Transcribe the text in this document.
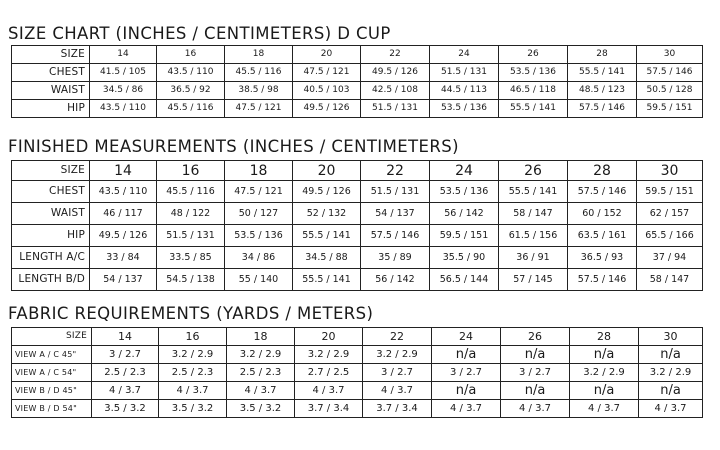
SIZE CHART (INCHES / CENTIMETERS) D CUP
SIZE	14	16	18	20	22	24	26	28	30
CHEST	41.5 / 105	43.5 / 110	45.5 / 116	47.5 / 121	49.5 / 126	51.5 / 131	53.5 / 136	55.5 / 141	57.5 / 146
WAIST	34.5 / 86	36.5 / 92	38.5 / 98	40.5 / 103	42.5 / 108	44.5 / 113	46.5 / 118	48.5 / 123	50.5 / 128
HIP	43.5 / 110	45.5 / 116	47.5 / 121	49.5 / 126	51.5 / 131	53.5 / 136	55.5 / 141	57.5 / 146	59.5 / 151
FINISHED MEASUREMENTS (INCHES / CENTIMETERS)
SIZE	14	16	18	20	22	24	26	28	30
CHEST	43.5 / 110	45.5 / 116	47.5 / 121	49.5 / 126	51.5 / 131	53.5 / 136	55.5 / 141	57.5 / 146	59.5 / 151
WAIST	46 / 117	48 / 122	50 / 127	52 / 132	54 / 137	56 / 142	58 / 147	60 / 152	62 / 157
HIP	49.5 / 126	51.5 / 131	53.5 / 136	55.5 / 141	57.5 / 146	59.5 / 151	61.5 / 156	63.5 / 161	65.5 / 166
LENGTH A/C	33 / 84	33.5 / 85	34 / 86	34.5 / 88	35 / 89	35.5 / 90	36 / 91	36.5 / 93	37 / 94
LENGTH B/D	54 / 137	54.5 / 138	55 / 140	55.5 / 141	56 / 142	56.5 / 144	57 / 145	57.5 / 146	58 / 147
FABRIC REQUIREMENTS (YARDS / METERS)
SIZE	14	16	18	20	22	24	26	28	30
VIEW A / C 45"	3 / 2.7	3.2 / 2.9	3.2 / 2.9	3.2 / 2.9	3.2 / 2.9	n/a	n/a	n/a	n/a
VIEW A / C 54"	2.5 / 2.3	2.5 / 2.3	2.5 / 2.3	2.7 / 2.5	3 / 2.7	3 / 2.7	3 / 2.7	3.2 / 2.9	3.2 / 2.9
VIEW B / D 45"	4 / 3.7	4 / 3.7	4 / 3.7	4 / 3.7	4 / 3.7	n/a	n/a	n/a	n/a
VIEW B / D 54"	3.5 / 3.2	3.5 / 3.2	3.5 / 3.2	3.7 / 3.4	3.7 / 3.4	4 / 3.7	4 / 3.7	4 / 3.7	4 / 3.7
